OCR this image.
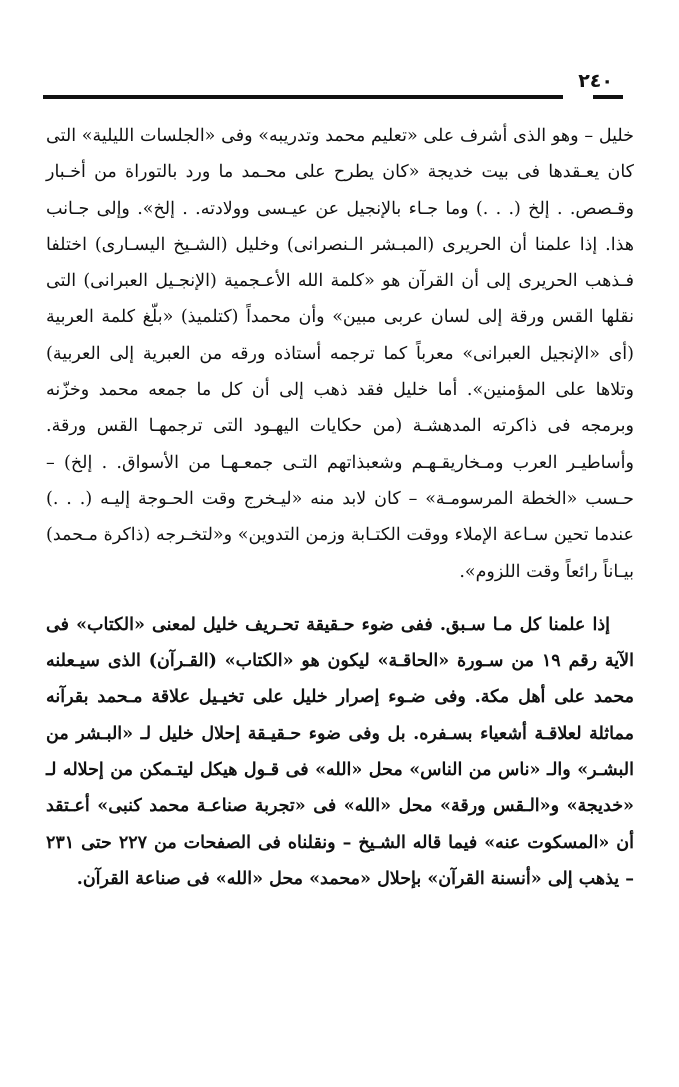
٢٤٠

خليل – وهو الذى أشرف على «تعليم محمد وتدريبه» وفى «الجلسات الليلية» التى كان يعـقدها فى بيت خديجة «كان يطرح على محـمد ما ورد بالتوراة من أخـبار وقـصص. . إلخ (. . .) وما جـاء بالإنجيل عن عيـسى وولادته. . إلخ». وإلى جـانب هذا. إذا علمنا أن الحريرى (المبـشر الـنصرانى) وخليل (الشـيخ اليسـارى) اختلفا فـذهب الحريرى إلى أن القرآن هو «كلمة الله الأعـجمية (الإنجـيل العبرانى) التى نقلها القس ورقة إلى لسان عربى مبين» وأن محمداً (كتلميذ) «بلّغ كلمة العربية (أى «الإنجيل العبرانى» معرباً كما ترجمه أستاذه ورقه من العبرية إلى العربية) وتلاها على المؤمنين». أما خليل فقد ذهب إلى أن كل ما جمعه محمد وخزّنه وبرمجه فى ذاكرته المدهشـة (من حكايات اليهـود التى ترجمهـا القس ورقة. وأساطيـر العرب ومـخاريقـهـم وشعبذاتهم التـى جمعـهـا من الأسواق. . إلخ) – حـسب «الخطة المرسومـة» – كان لابد منه «ليـخرج وقت الحـوجة إليـه (. . .) عندما تحين سـاعة الإملاء ووقت الكتـابة وزمن التدوين» و«لتخـرجه (ذاكرة مـحمد) بيـاناً رائعاً وقت اللزوم».

إذا علمنا كل مـا سـبق. ففى ضوء حـقيقة تحـريف خليل لمعنى «الكتاب» فى الآية رقم ١٩ من سـورة «الحاقـة» ليكون هو «الكتاب» (القـرآن) الذى سيـعلنه محمد على أهل مكة. وفى ضـوء إصرار خليل على تخيـيل علاقة مـحمد بقرآنه مماثلة لعلاقـة أشعياء بسـفره. بل وفى ضوء حـقيـقة إحلال خليل لـ «البـشر من البشـر» والـ «ناس من الناس» محل «الله» فى قـول هيكل ليتـمكن من إحلاله لـ «خديجة» و«الـقس ورقة» محل «الله» فى «تجربة صناعـة محمد كنبى» أعـتقد أن «المسكوت عنه» فيما قاله الشـيخ – ونقلناه فى الصفحات من ٢٢٧ حتى ٢٣١ – يذهب إلى «أنسنة القرآن» بإحلال «محمد» محل «الله» فى صناعة القرآن.
